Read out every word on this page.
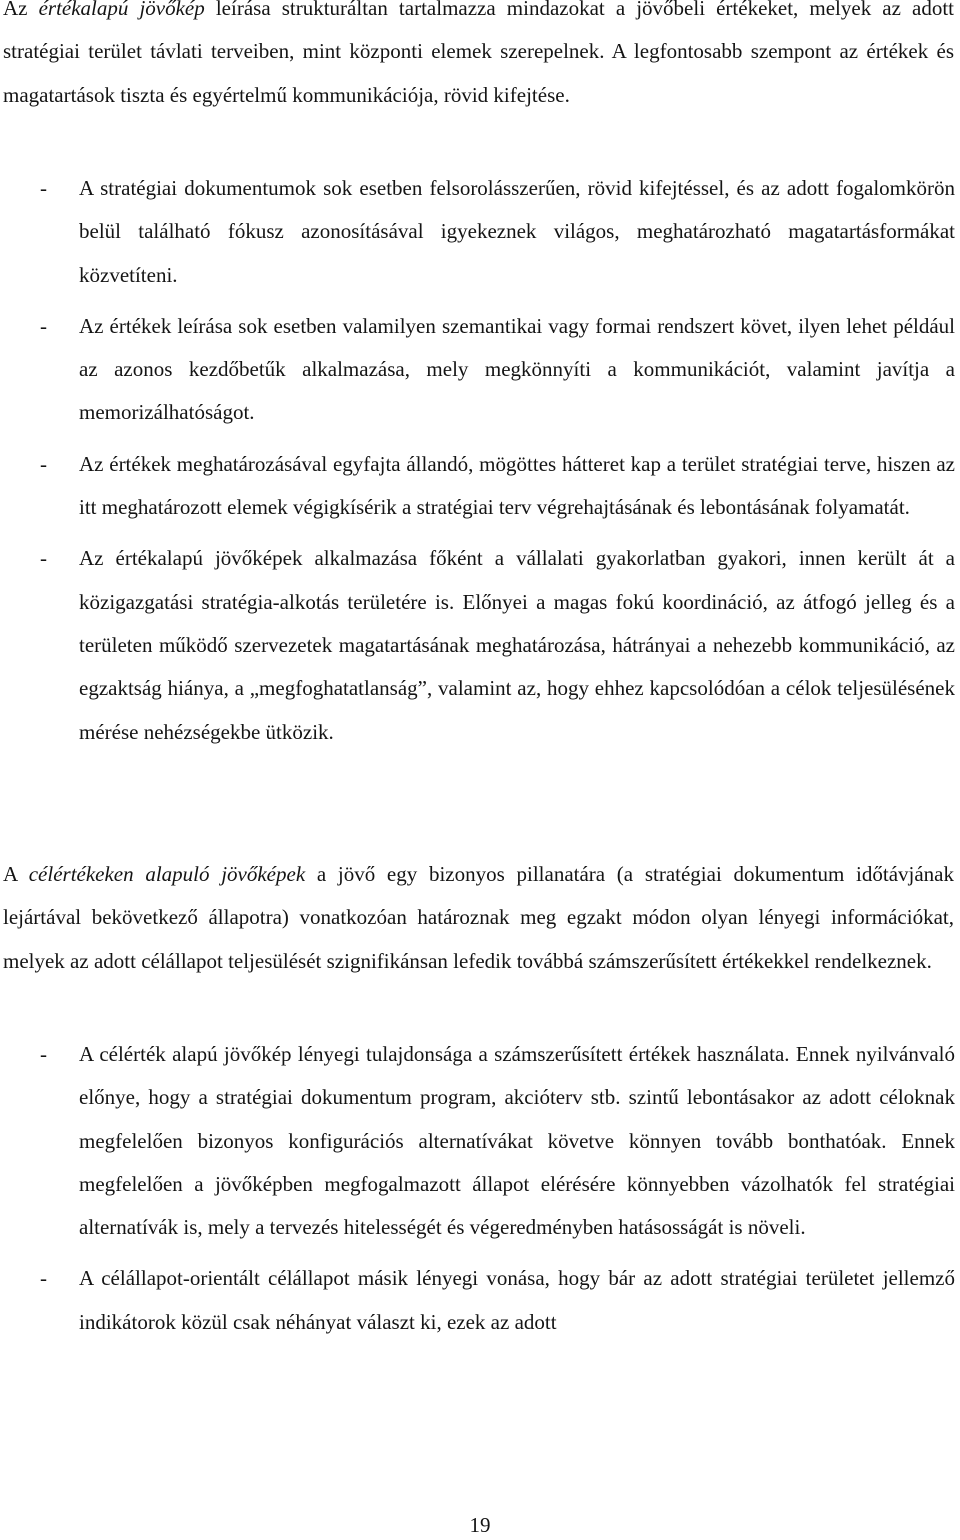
Az értékalapú jövőkép leírása strukturáltan tartalmazza mindazokat a jövőbeli értékeket, melyek az adott stratégiai terület távlati terveiben, mint központi elemek szerepelnek. A legfontosabb szempont az értékek és magatartások tiszta és egyértelmű kommunikációja, rövid kifejtése.

- A stratégiai dokumentumok sok esetben felsorolásszerűen, rövid kifejtéssel, és az adott fogalomkörön belül található fókusz azonosításával igyekeznek világos, meghatározható magatartásformákat közvetíteni.
- Az értékek leírása sok esetben valamilyen szemantikai vagy formai rendszert követ, ilyen lehet például az azonos kezdőbetűk alkalmazása, mely megkönnyíti a kommunikációt, valamint javítja a memorizálhatóságot.
- Az értékek meghatározásával egyfajta állandó, mögöttes hátteret kap a terület stratégiai terve, hiszen az itt meghatározott elemek végigkísérik a stratégiai terv végrehajtásának és lebontásának folyamatát.
- Az értékalapú jövőképek alkalmazása főként a vállalati gyakorlatban gyakori, innen került át a közigazgatási stratégia-alkotás területére is. Előnyei a magas fokú koordináció, az átfogó jelleg és a területen működő szervezetek magatartásának meghatározása, hátrányai a nehezebb kommunikáció, az egzaktság hiánya, a „megfoghatatlanság”, valamint az, hogy ehhez kapcsolódóan a célok teljesülésének mérése nehézségekbe ütközik.

A célértékeken alapuló jövőképek a jövő egy bizonyos pillanatára (a stratégiai dokumentum időtávjának lejártával bekövetkező állapotra) vonatkozóan határoznak meg egzakt módon olyan lényegi információkat, melyek az adott célállapot teljesülését szignifikánsan lefedik továbbá számszerűsített értékekkel rendelkeznek.

- A célérték alapú jövőkép lényegi tulajdonsága a számszerűsített értékek használata. Ennek nyilvánvaló előnye, hogy a stratégiai dokumentum program, akcióterv stb. szintű lebontásakor az adott céloknak megfelelően bizonyos konfigurációs alternatívákat követve könnyen tovább bonthatóak. Ennek megfelelően a jövőképben megfogalmazott állapot elérésére könnyebben vázolhatók fel stratégiai alternatívák is, mely a tervezés hitelességét és végeredményben hatásosságát is növeli.
- A célállapot-orientált célállapot másik lényegi vonása, hogy bár az adott stratégiai területet jellemző indikátorok közül csak néhányat választ ki, ezek az adott
19
